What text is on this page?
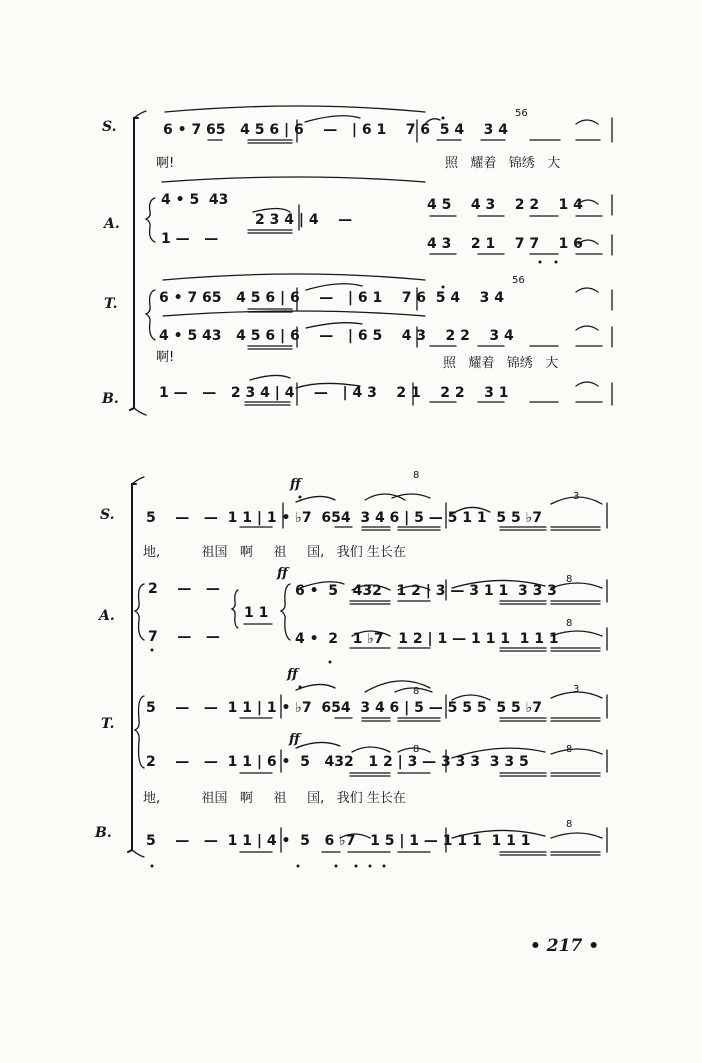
S.
A.
T.
B.
6 • 7 65   4 5 6 | 6    —   | 6 1    7 6  5 4    3 4
56
啊!	照   耀着   锦绣   大
4 • 5  43
1 —   —
2 3 4 | 4    —
4 5    4 3    2 2    1 4
4 3    2 1    7 7    1 6
6 • 7 65   4 5 6 | 6    —   | 6 1    7 6  5 4    3 4
56
4 • 5 43   4 5 6 | 6    —   | 6 5    4 3    2 2    3 4
啊!	照   耀着   锦绣   大
1 —   —   2 3 4 | 4    —   | 4 3    2 1    2 2    3 1
S.
A.
T.
B.
ff
8
3
5    —   —  1 1 | 1 • ♭7  654  3 4 6 | 5 — 5 1 1  5 5 ♭7
地,          祖国   啊     祖     国,   我们 生长在
ff	8
8
2    —   —
7    —   —
1 1
6 •  5   432   1 2 | 3 — 3 1 1  3 3 3
4 •  2   1 ♭7   1 2 | 1 — 1 1 1  1 1 1
ff
8	3
5    —   —  1 1 | 1 • ♭7  654  3 4 6 | 5 — 5 5 5  5 5 ♭7
ff
8	8
2    —   —  1 1 | 6 •  5   432   1 2 | 3 — 3 3 3  3 3 5
地,          祖国   啊     祖     国,   我们 生长在
8
5    —   —  1 1 | 4 •  5   6 ♭7   1 5 | 1 — 1 1 1  1 1 1
• 217 •
